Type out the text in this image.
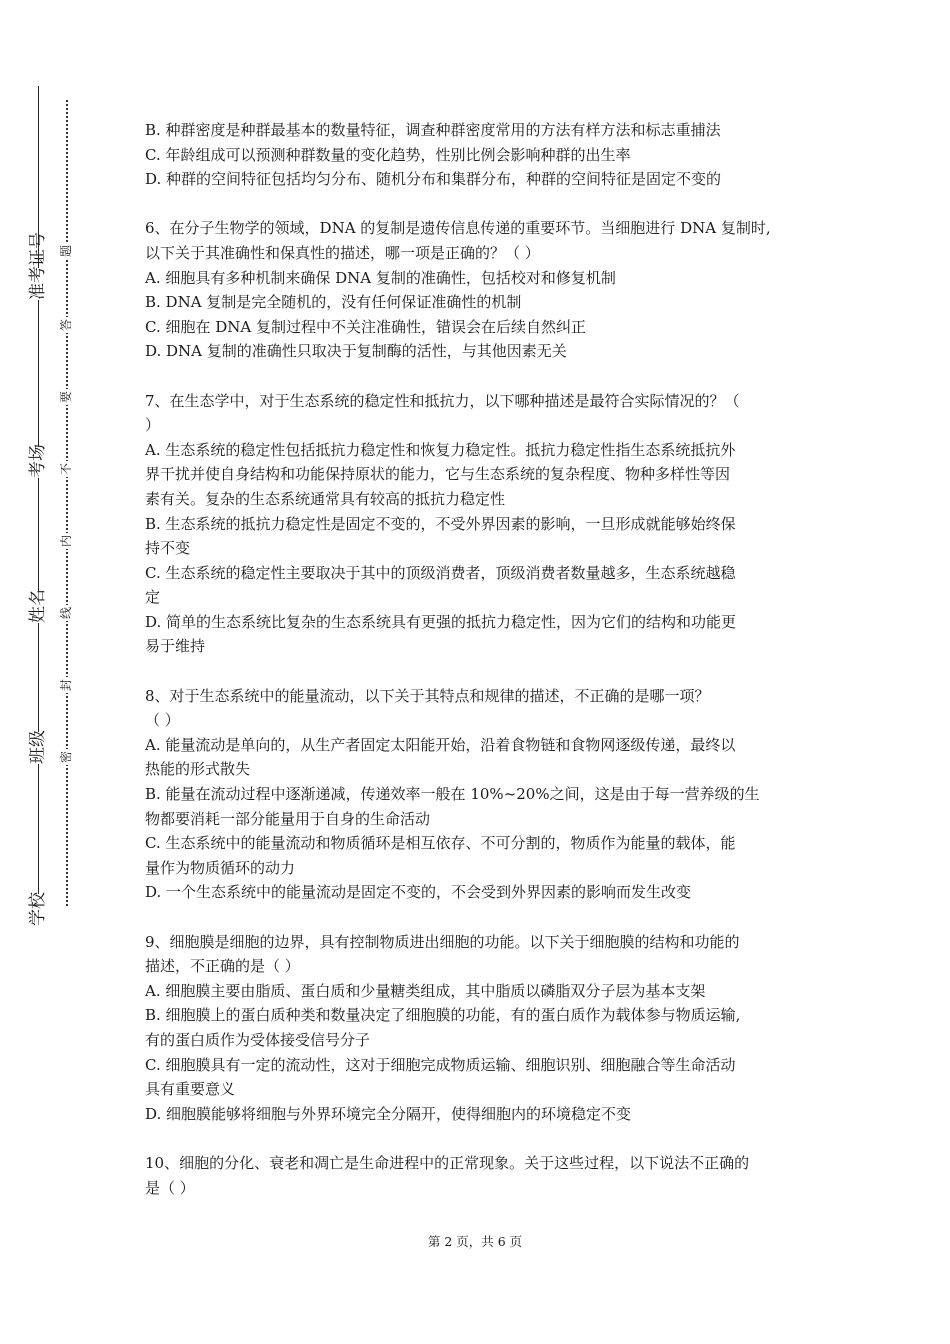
准考证号
考场
姓名
班级
学校
题
答
要
不
内
线
封
密
B. 种群密度是种群最基本的数量特征，调查种群密度常用的方法有样方法和标志重捕法
C. 年龄组成可以预测种群数量的变化趋势，性别比例会影响种群的出生率
D. 种群的空间特征包括均匀分布、随机分布和集群分布，种群的空间特征是固定不变的
6、在分子生物学的领域，DNA 的复制是遗传信息传递的重要环节。当细胞进行 DNA 复制时,
以下关于其准确性和保真性的描述，哪一项是正确的？（ ）
A. 细胞具有多种机制来确保 DNA 复制的准确性，包括校对和修复机制
B. DNA 复制是完全随机的，没有任何保证准确性的机制
C. 细胞在 DNA 复制过程中不关注准确性，错误会在后续自然纠正
D. DNA 复制的准确性只取决于复制酶的活性，与其他因素无关
7、在生态学中，对于生态系统的稳定性和抵抗力，以下哪种描述是最符合实际情况的？（
）
A. 生态系统的稳定性包括抵抗力稳定性和恢复力稳定性。抵抗力稳定性指生态系统抵抗外
界干扰并使自身结构和功能保持原状的能力，它与生态系统的复杂程度、物种多样性等因
素有关。复杂的生态系统通常具有较高的抵抗力稳定性
B. 生态系统的抵抗力稳定性是固定不变的，不受外界因素的影响，一旦形成就能够始终保
持不变
C. 生态系统的稳定性主要取决于其中的顶级消费者，顶级消费者数量越多，生态系统越稳
定
D. 简单的生态系统比复杂的生态系统具有更强的抵抗力稳定性，因为它们的结构和功能更
易于维持
8、对于生态系统中的能量流动，以下关于其特点和规律的描述，不正确的是哪一项？
（ ）
A. 能量流动是单向的，从生产者固定太阳能开始，沿着食物链和食物网逐级传递，最终以
热能的形式散失
B. 能量在流动过程中逐渐递减，传递效率一般在 10%~20%之间，这是由于每一营养级的生
物都要消耗一部分能量用于自身的生命活动
C. 生态系统中的能量流动和物质循环是相互依存、不可分割的，物质作为能量的载体，能
量作为物质循环的动力
D. 一个生态系统中的能量流动是固定不变的，不会受到外界因素的影响而发生改变
9、细胞膜是细胞的边界，具有控制物质进出细胞的功能。以下关于细胞膜的结构和功能的
描述，不正确的是（ ）
A. 细胞膜主要由脂质、蛋白质和少量糖类组成，其中脂质以磷脂双分子层为基本支架
B. 细胞膜上的蛋白质种类和数量决定了细胞膜的功能，有的蛋白质作为载体参与物质运输,
有的蛋白质作为受体接受信号分子
C. 细胞膜具有一定的流动性，这对于细胞完成物质运输、细胞识别、细胞融合等生命活动
具有重要意义
D. 细胞膜能够将细胞与外界环境完全分隔开，使得细胞内的环境稳定不变
10、细胞的分化、衰老和凋亡是生命进程中的正常现象。关于这些过程，以下说法不正确的
是（ ）
第 2 页，共 6 页
